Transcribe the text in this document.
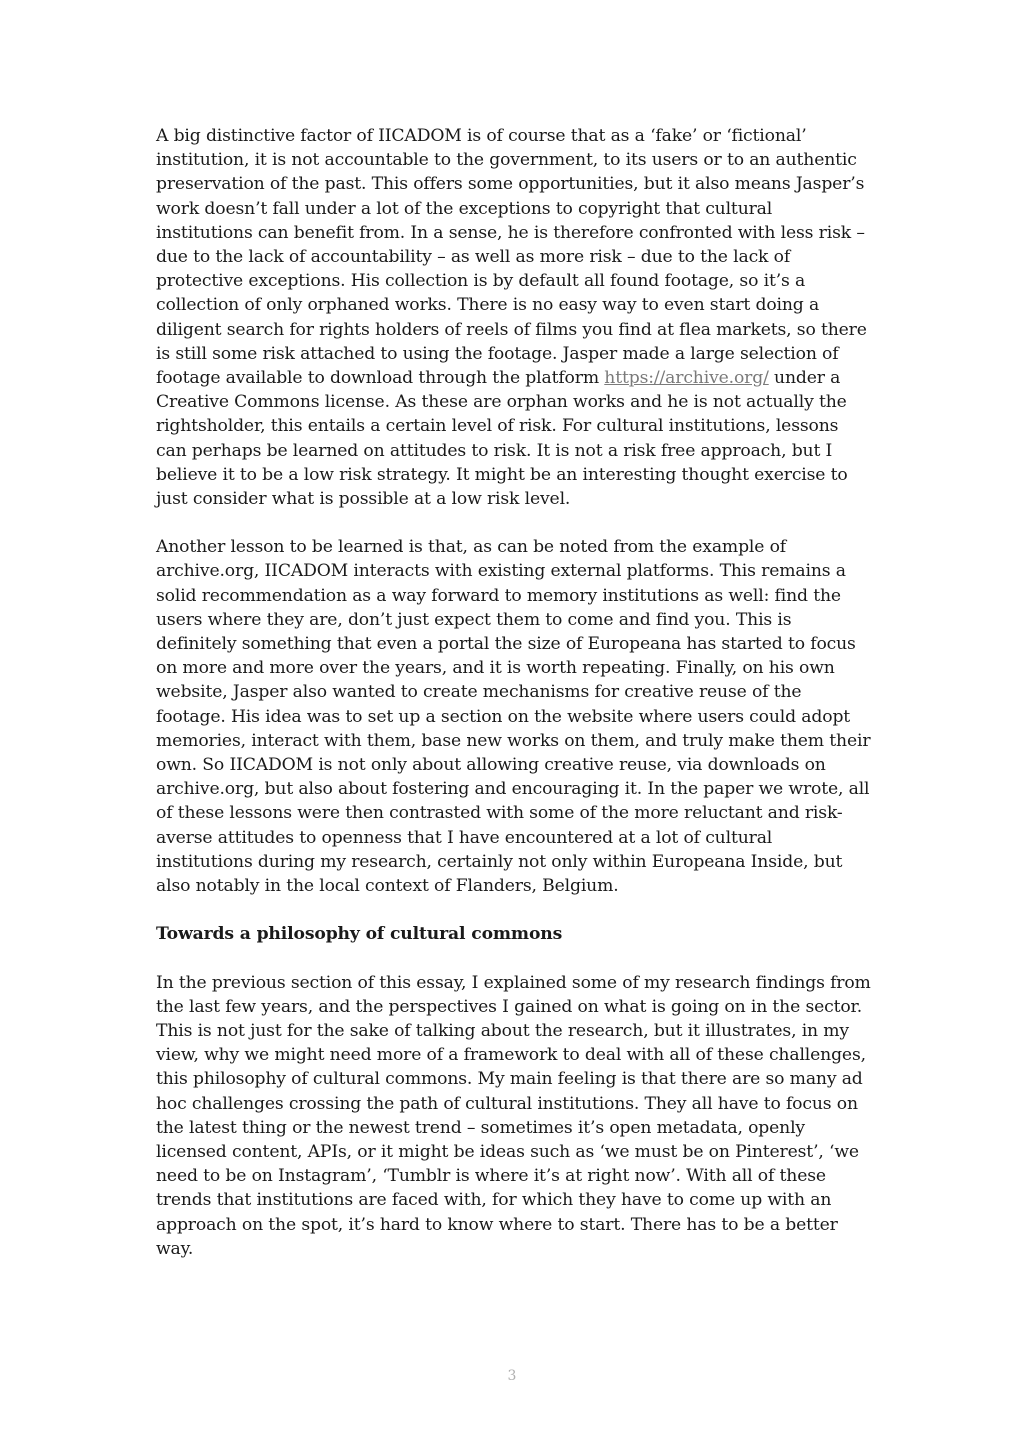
A big distinctive factor of IICADOM is of course that as a ‘fake’ or ‘fictional’ institution, it is not accountable to the government, to its users or to an authentic preservation of the past. This offers some opportunities, but it also means Jasper’s work doesn’t fall under a lot of the exceptions to copyright that cultural institutions can benefit from. In a sense, he is therefore confronted with less risk – due to the lack of accountability – as well as more risk – due to the lack of protective exceptions. His collection is by default all found footage, so it’s a collection of only orphaned works. There is no easy way to even start doing a diligent search for rights holders of reels of films you find at flea markets, so there is still some risk attached to using the footage. Jasper made a large selection of footage available to download through the platform https://archive.org/ under a Creative Commons license. As these are orphan works and he is not actually the rightsholder, this entails a certain level of risk. For cultural institutions, lessons can perhaps be learned on attitudes to risk. It is not a risk free approach, but I believe it to be a low risk strategy. It might be an interesting thought exercise to just consider what is possible at a low risk level.

Another lesson to be learned is that, as can be noted from the example of archive.org, IICADOM interacts with existing external platforms. This remains a solid recommendation as a way forward to memory institutions as well: find the users where they are, don’t just expect them to come and find you. This is definitely something that even a portal the size of Europeana has started to focus on more and more over the years, and it is worth repeating. Finally, on his own website, Jasper also wanted to create mechanisms for creative reuse of the footage. His idea was to set up a section on the website where users could adopt memories, interact with them, base new works on them, and truly make them their own. So IICADOM is not only about allowing creative reuse, via downloads on archive.org, but also about fostering and encouraging it. In the paper we wrote, all of these lessons were then contrasted with some of the more reluctant and risk-averse attitudes to openness that I have encountered at a lot of cultural institutions during my research, certainly not only within Europeana Inside, but also notably in the local context of Flanders, Belgium.

Towards a philosophy of cultural commons

In the previous section of this essay, I explained some of my research findings from the last few years, and the perspectives I gained on what is going on in the sector. This is not just for the sake of talking about the research, but it illustrates, in my view, why we might need more of a framework to deal with all of these challenges, this philosophy of cultural commons. My main feeling is that there are so many ad hoc challenges crossing the path of cultural institutions. They all have to focus on the latest thing or the newest trend – sometimes it’s open metadata, openly licensed content, APIs, or it might be ideas such as ‘we must be on Pinterest’, ‘we need to be on Instagram’, ‘Tumblr is where it’s at right now’. With all of these trends that institutions are faced with, for which they have to come up with an approach on the spot, it’s hard to know where to start. There has to be a better way.

3
